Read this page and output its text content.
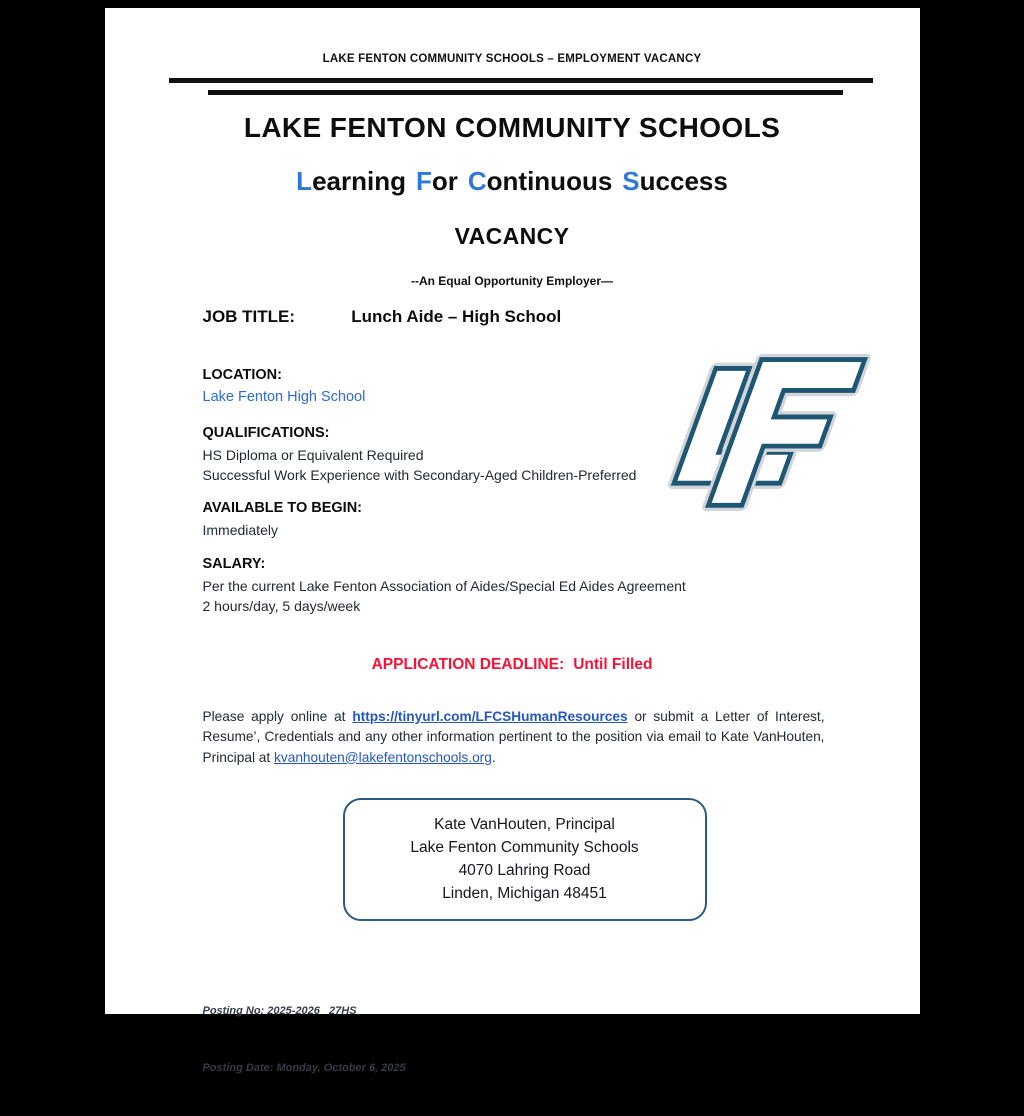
LAKE FENTON COMMUNITY SCHOOLS – EMPLOYMENT VACANCY
LAKE FENTON COMMUNITY SCHOOLS
Learning For Continuous Success
VACANCY
--An Equal Opportunity Employer—
JOB TITLE:	Lunch Aide – High School
LOCATION:
Lake Fenton High School
QUALIFICATIONS:
HS Diploma or Equivalent Required
Successful Work Experience with Secondary-Aged Children-Preferred
AVAILABLE TO BEGIN:
Immediately
SALARY:
Per the current Lake Fenton Association of Aides/Special Ed Aides Agreement
2 hours/day, 5 days/week
APPLICATION DEADLINE: Until Filled

Please apply online at https://tinyurl.com/LFCSHumanResources or submit a Letter of Interest, Resume’, Credentials and any other information pertinent to the position via email to Kate VanHouten, Principal at kvanhouten@lakefentonschools.org.

Kate VanHouten, Principal
Lake Fenton Community Schools
4070 Lahring Road
Linden, Michigan 48451

Posting No: 2025-2026   27HS

Posting Date: Monday, October 6, 2025
